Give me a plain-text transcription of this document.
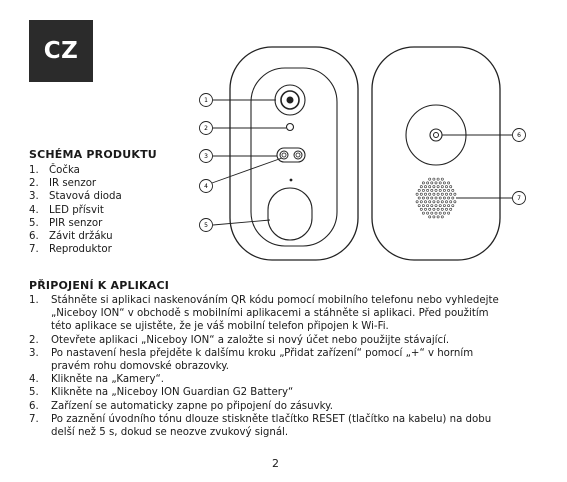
CZ
1
2
3
4
5
6
7
SCHÉMA PRODUKTU
1.	Čočka
2.	IR senzor
3.	Stavová dioda
4.	LED přísvit
5.	PIR senzor
6.	Závit držáku
7.	Reproduktor
PŘIPOJENÍ K APLIKACI
1.	Stáhněte si aplikaci naskenováním QR kódu pomocí mobilního telefonu nebo vyhledejte
„Niceboy ION“ v obchodě s mobilními aplikacemi a stáhněte si aplikaci. Před použitím
této aplikace se ujistěte, že je váš mobilní telefon připojen k Wi-Fi.
2.	Otevřete aplikaci „Niceboy ION“ a založte si nový účet nebo použijte stávající.
3.	Po nastavení hesla přejděte k dalšímu kroku „Přidat zařízení“ pomocí „+“ v horním
pravém rohu domovské obrazovky.
4.	Klikněte na „Kamery“.
5.	Klikněte na „Niceboy ION Guardian G2 Battery“
6.	Zařízení se automaticky zapne po připojení do zásuvky.
7.	Po zaznění úvodního tónu dlouze stiskněte tlačítko RESET (tlačítko na kabelu) na dobu
delší než 5 s, dokud se neozve zvukový signál.
2
